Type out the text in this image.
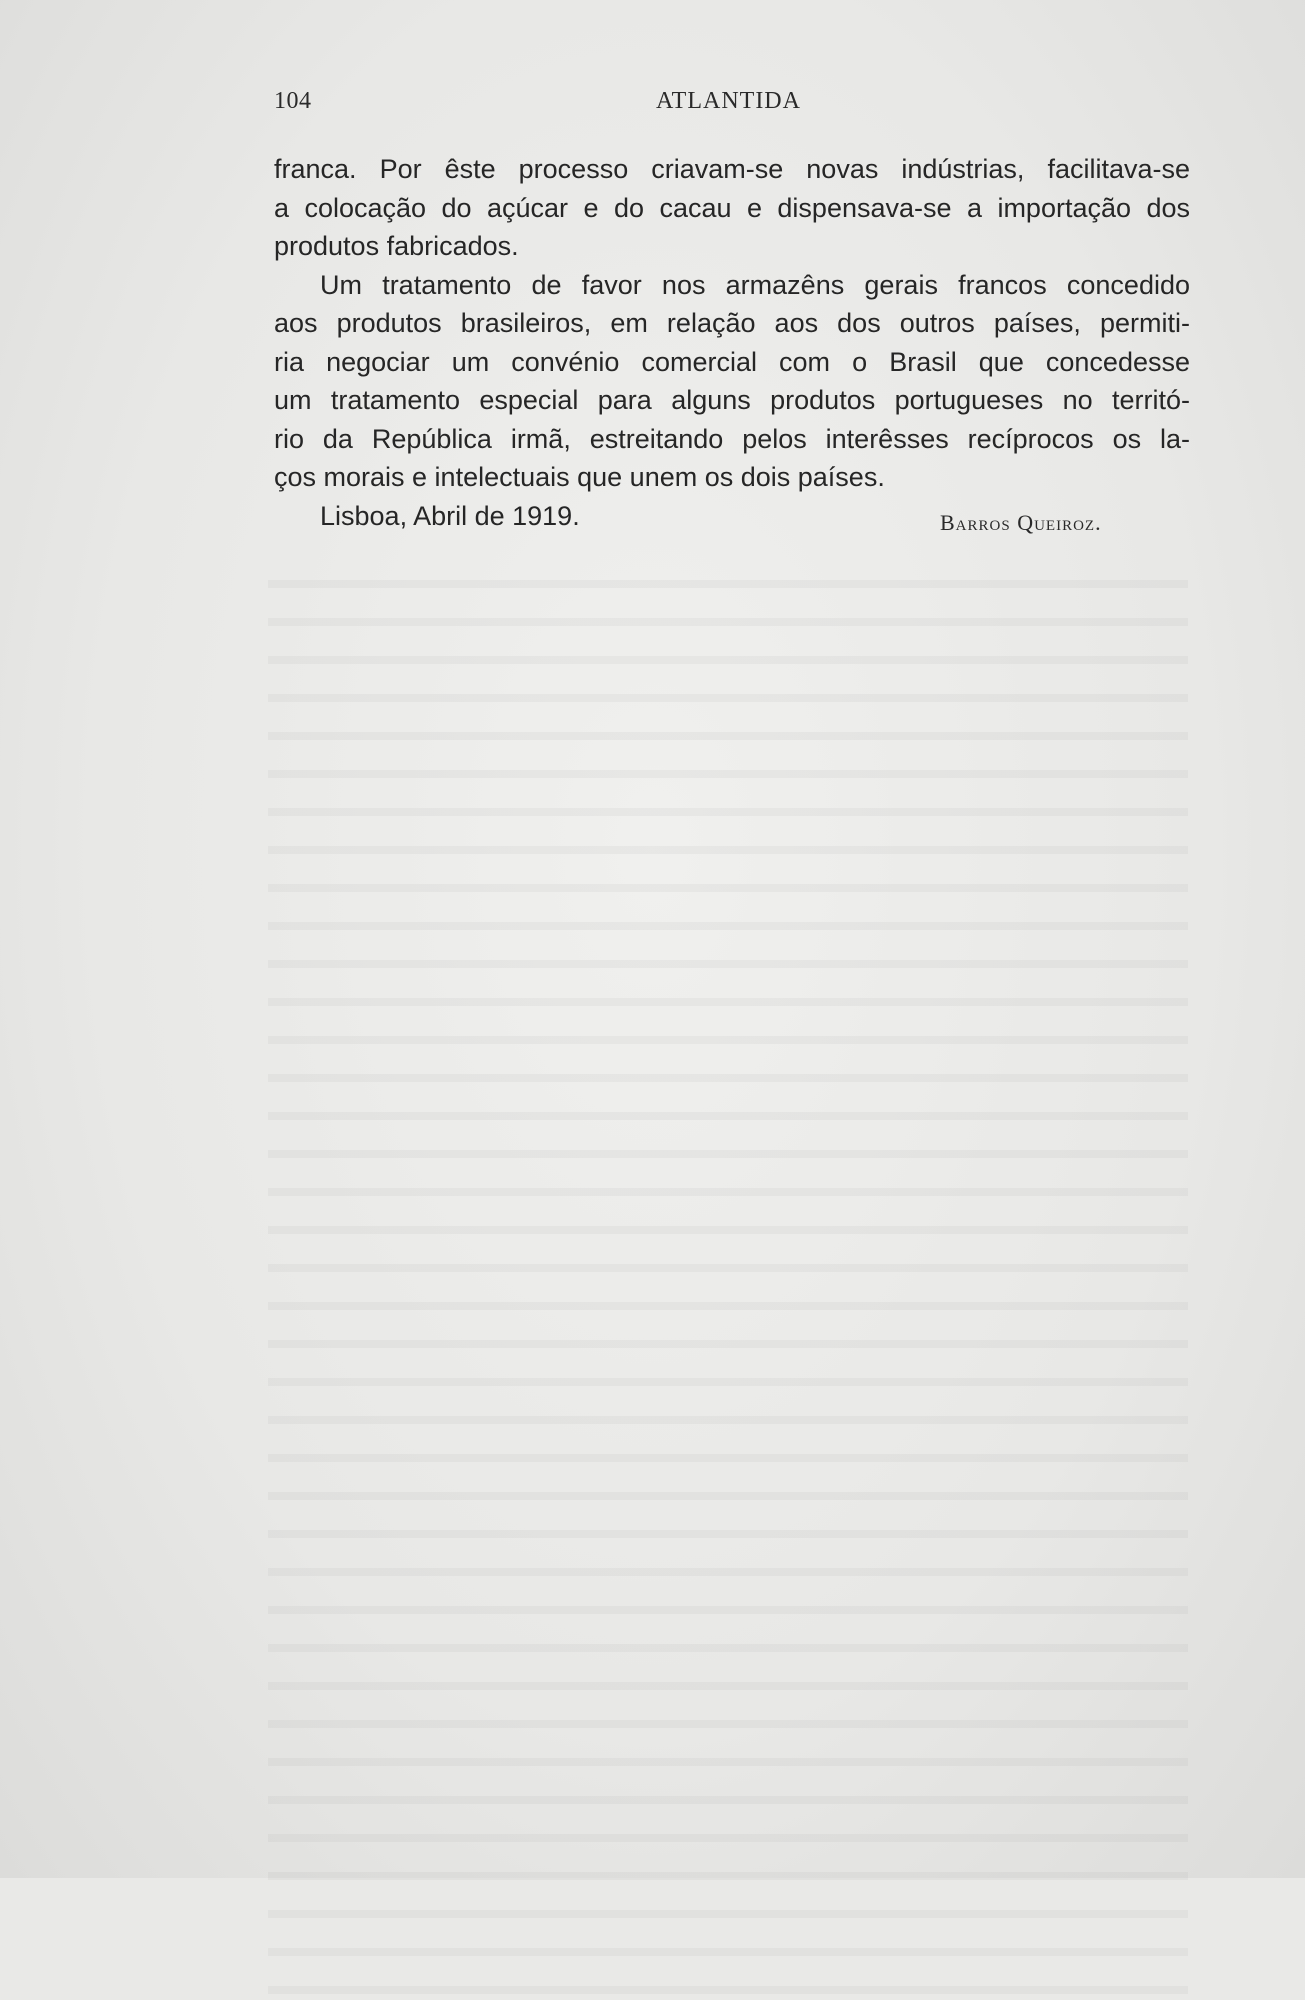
104	ATLANTIDA
franca. Por êste processo criavam-se novas indústrias, facilitava-se
a colocação do açúcar e do cacau e dispensava-se a importação dos
produtos fabricados.
Um tratamento de favor nos armazêns gerais francos concedido
aos produtos brasileiros, em relação aos dos outros países, permiti-
ria negociar um convénio comercial com o Brasil que concedesse
um tratamento especial para alguns produtos portugueses no territó-
rio da República irmã, estreitando pelos interêsses recíprocos os la-
ços morais e intelectuais que unem os dois países.
Lisboa, Abril de 1919.	Barros Queiroz.
